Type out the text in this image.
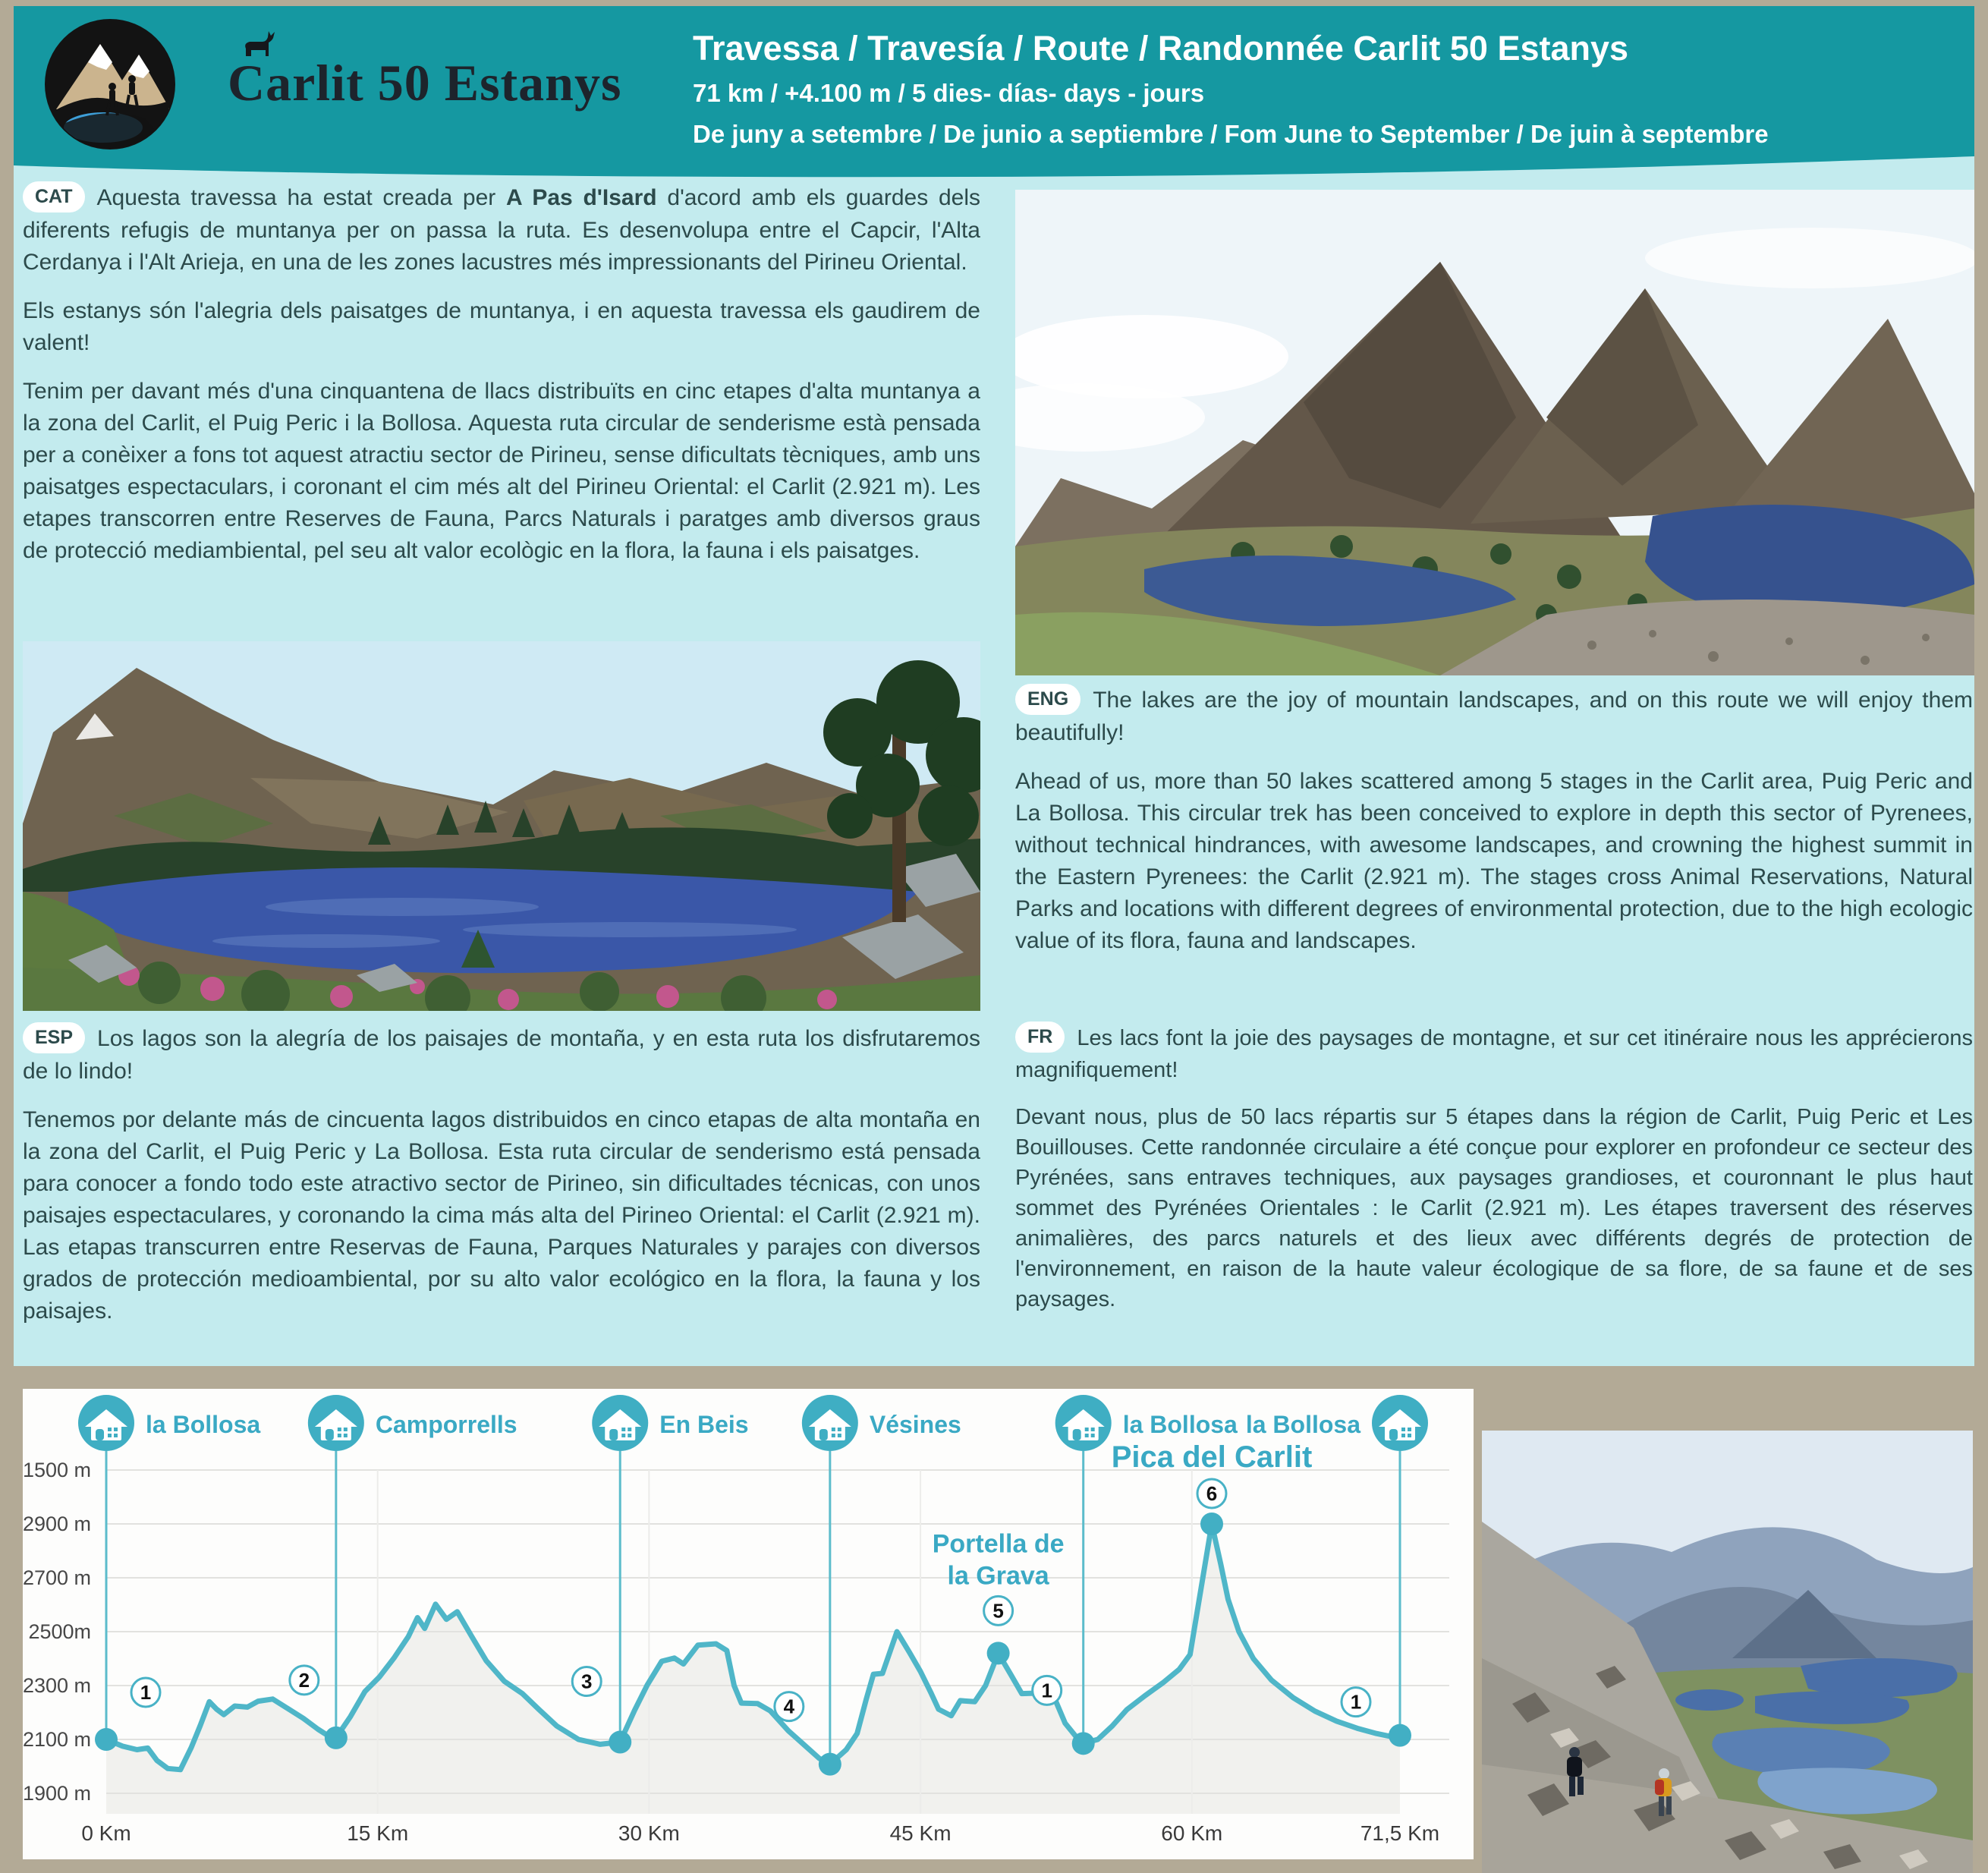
Carlit 50 Estanys

Travessa / Travesía / Route / Randonnée Carlit 50 Estanys

71 km / +4.100 m / 5 dies- días- days - jours

De juny a setembre / De junio a septiembre / Fom June to September / De juin à septembre

CAT Aquesta travessa ha estat creada per A Pas d'Isard d'acord amb els guardes dels diferents refugis de muntanya per on passa la ruta. Es desenvolupa entre el Capcir, l'Alta Cerdanya i l'Alt Arieja, en una de les zones lacustres més impressionants del Pirineu Oriental.

Els estanys són l'alegria dels paisatges de muntanya, i en aquesta travessa els gaudirem de valent!

Tenim per davant més d'una cinquantena de llacs distribuïts en cinc etapes d'alta muntanya a la zona del Carlit, el Puig Peric i la Bollosa. Aquesta ruta circular de senderisme està pensada per a conèixer a fons tot aquest atractiu sector de Pirineu, sense dificultats tècniques, amb uns paisatges espectaculars, i coronant el cim més alt del Pirineu Oriental: el Carlit (2.921 m). Les etapes transcorren entre Reserves de Fauna, Parcs Naturals i paratges amb diversos graus de protecció mediambiental, pel seu alt valor ecològic en la flora, la fauna i els paisatges.

ENG The lakes are the joy of mountain landscapes, and on this route we will enjoy them beautifully!

Ahead of us, more than 50 lakes scattered among 5 stages in the Carlit area, Puig Peric and La Bollosa. This circular trek has been conceived to explore in depth this sector of Pyrenees, without technical hindrances, with awesome landscapes, and crowning the highest summit in the Eastern Pyrenees: the Carlit (2.921 m). The stages cross Animal Reservations, Natural Parks and locations with different degrees of environmental protection, due to the high ecologic value of its flora, fauna and landscapes.

ESP Los lagos son la alegría de los paisajes de montaña, y en esta ruta los disfrutaremos de lo lindo!

Tenemos por delante más de cincuenta lagos distribuidos en cinco etapas de alta montaña en la zona del Carlit, el Puig Peric y La Bollosa. Esta ruta circular de senderismo está pensada para conocer a fondo todo este atractivo sector de Pirineo, sin dificultades técnicas, con unos paisajes espectaculares, y coronando la cima más alta del Pirineo Oriental: el Carlit (2.921 m). Las etapas transcurren entre Reservas de Fauna, Parques Naturales y parajes con diversos grados de protección medioambiental, por su alto valor ecológico en la flora, la fauna y los paisajes.

FR Les lacs font la joie des paysages de montagne, et sur cet itinéraire nous les apprécierons magnifiquement!

Devant nous, plus de 50 lacs répartis sur 5 étapes dans la région de Carlit, Puig Peric et Les Bouillouses. Cette randonnée circulaire a été conçue pour explorer en profondeur ce secteur des Pyrénées, sans entraves techniques, aux paysages grandioses, et couronnant le plus haut sommet des Pyrénées Orientales : le Carlit (2.921 m). Les étapes traversent des réserves animalières, des parcs naturels et des lieux avec différents degrés de protection de l'environnement, en raison de la haute valeur écologique de sa flore, de sa faune et de ses paysages.

1500 m
2900 m
2700 m
2500m
2300 m
2100 m
1900 m
1
2	3
4
5
Portella de
la Grava
1
6
Pica del Carlit
1
la Bollosa	Camporrells	En Beis	Vésines	la Bollosa la Bollosa
0 Km	15 Km	30 Km	45 Km	60 Km	71,5 Km
